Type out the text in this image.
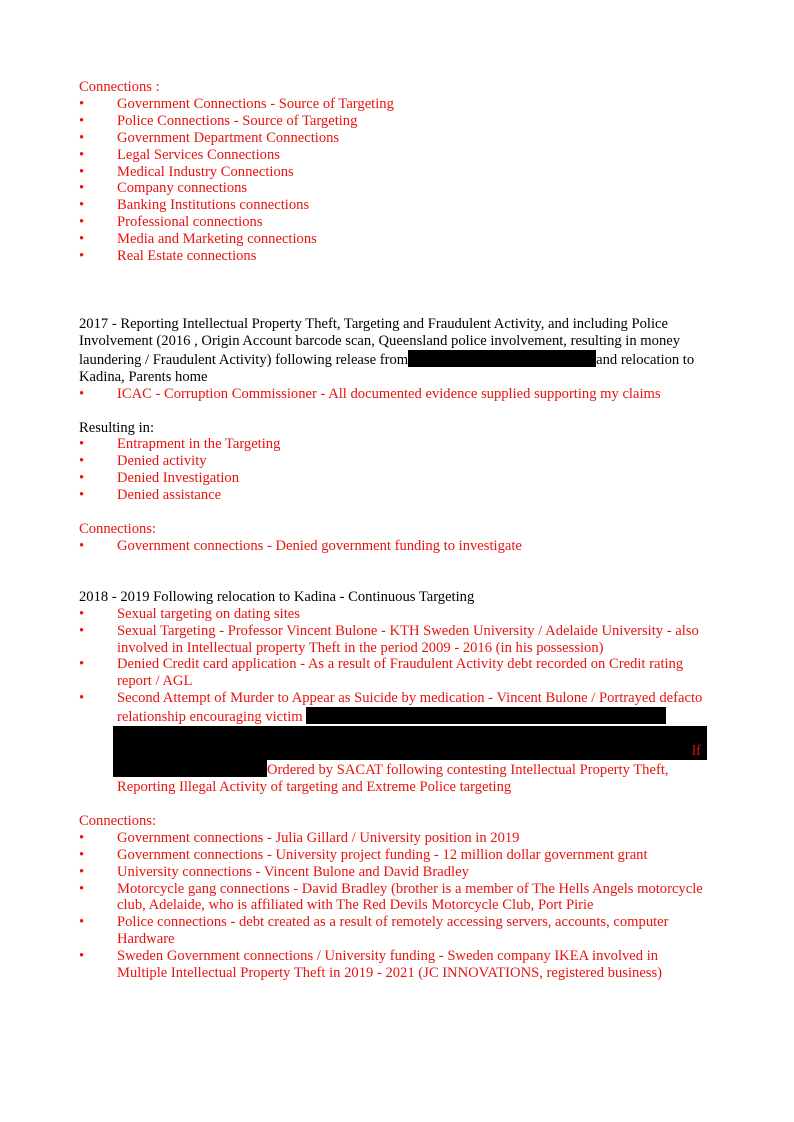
Connections :

• Government Connections - Source of Targeting
• Police Connections - Source of Targeting
• Government Department Connections
• Legal Services Connections
• Medical Industry Connections
• Company connections
• Banking Institutions connections
• Professional connections
• Media and Marketing connections
• Real Estate connections

2017 - Reporting Intellectual Property Theft, Targeting and Fraudulent Activity, and including Police

Involvement (2016 , Origin Account barcode scan, Queensland police involvement, resulting in money

laundering / Fraudulent Activity) following release from	and relocation to

Kadina, Parents home

• ICAC - Corruption Commissioner - All documented evidence supplied supporting my claims

Resulting in:

• Entrapment in the Targeting
• Denied activity
• Denied Investigation
• Denied assistance

Connections:

• Government connections - Denied government funding to investigate

2018 - 2019 Following relocation to Kadina - Continuous Targeting

• Sexual targeting on dating sites
• Sexual Targeting - Professor Vincent Bulone - KTH Sweden University / Adelaide University - also
involved in Intellectual property Theft in the period 2009 - 2016 (in his possession)
• Denied Credit card application - As a result of Fraudulent Activity debt recorded on Credit rating
report / AGL
• Second Attempt of Murder to Appear as Suicide by medication - Vincent Bulone / Portrayed defacto
relationship encouraging victim
lf
Ordered by SACAT following contesting Intellectual Property Theft,
Reporting Illegal Activity of targeting and Extreme Police targeting

Connections:

• Government connections - Julia Gillard / University position in 2019
• Government connections - University project funding - 12 million dollar government grant
• University connections - Vincent Bulone and David Bradley
• Motorcycle gang connections - David Bradley (brother is a member of The Hells Angels motorcycle
club, Adelaide, who is affiliated with The Red Devils Motorcycle Club, Port Pirie
• Police connections - debt created as a result of remotely accessing servers, accounts, computer
Hardware
• Sweden Government connections / University funding - Sweden company IKEA involved in
Multiple Intellectual Property Theft in 2019 - 2021 (JC INNOVATIONS, registered business)
